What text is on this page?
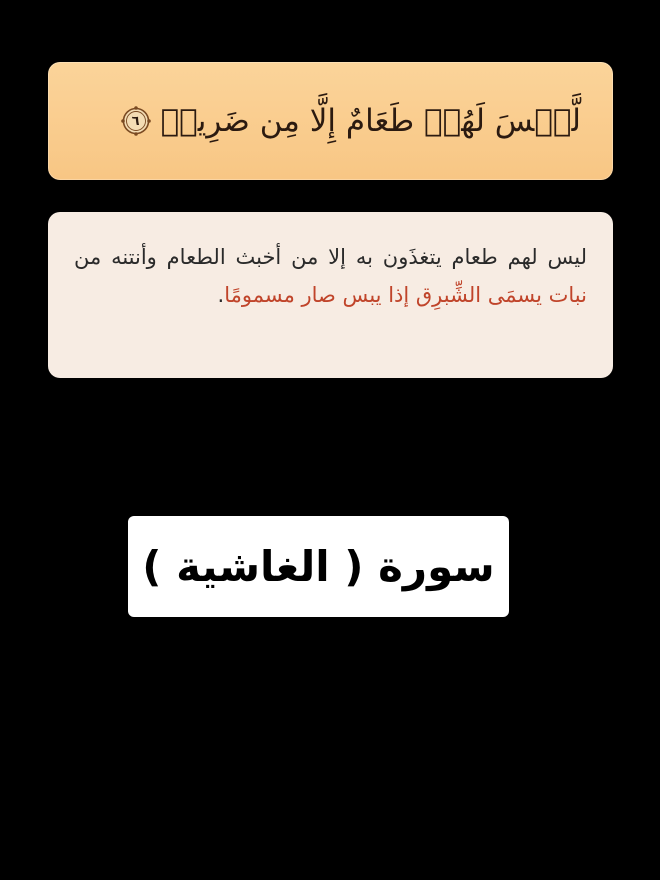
لَّيۡسَ لَهُمۡ طَعَامٌ إِلَّا مِن ضَرِيعٖ
٦

ليس لهم طعام يتغذَون به إلا من أخبث الطعام وأنتنه من نبات يسمَى الشِّبرِق إذا يبس صار مسمومًا.

سورة ( الغاشية )
